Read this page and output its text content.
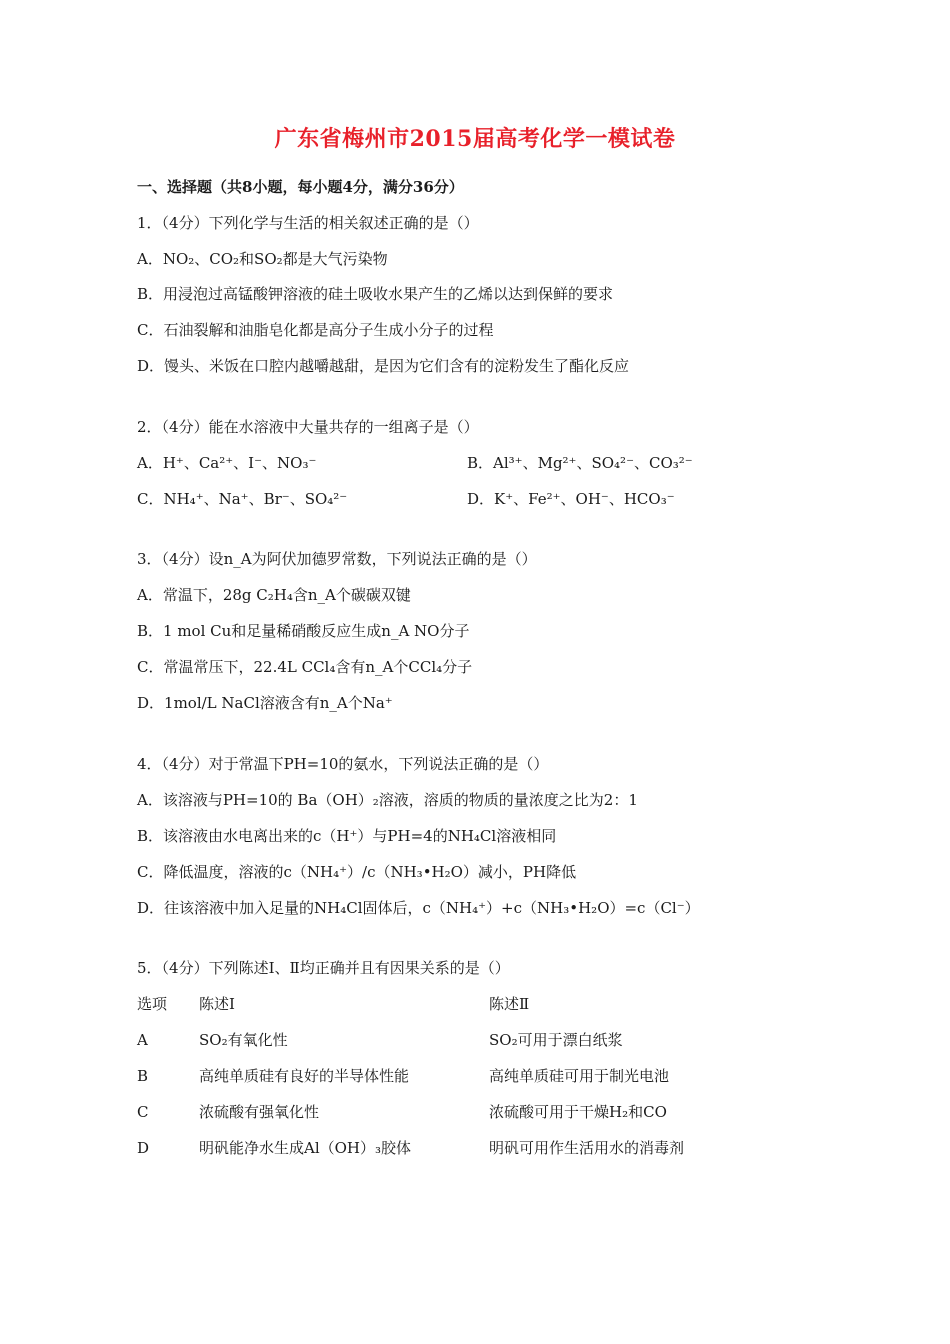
广东省梅州市2015届高考化学一模试卷
一、选择题（共8小题，每小题4分，满分36分）
1．（4分）下列化学与生活的相关叙述正确的是（）
A．NO₂、CO₂和SO₂都是大气污染物
B．用浸泡过高锰酸钾溶液的硅土吸收水果产生的乙烯以达到保鲜的要求
C．石油裂解和油脂皂化都是高分子生成小分子的过程
D．馒头、米饭在口腔内越嚼越甜，是因为它们含有的淀粉发生了酯化反应
2．（4分）能在水溶液中大量共存的一组离子是（）
A．H⁺、Ca²⁺、I⁻、NO₃⁻	B．Al³⁺、Mg²⁺、SO₄²⁻、CO₃²⁻
C．NH₄⁺、Na⁺、Br⁻、SO₄²⁻	D．K⁺、Fe²⁺、OH⁻、HCO₃⁻
3．（4分）设n_A为阿伏加德罗常数，下列说法正确的是（）
A．常温下，28g C₂H₄含n_A个碳碳双键
B．1 mol Cu和足量稀硝酸反应生成n_A NO分子
C．常温常压下，22.4L CCl₄含有n_A个CCl₄分子
D．1mol/L NaCl溶液含有n_A个Na⁺
4．（4分）对于常温下PH=10的氨水，下列说法正确的是（）
A．该溶液与PH=10的 Ba（OH）₂溶液，溶质的物质的量浓度之比为2：1
B．该溶液由水电离出来的c（H⁺）与PH=4的NH₄Cl溶液相同
C．降低温度，溶液的c（NH₄⁺）/c（NH₃•H₂O）减小，PH降低
D．往该溶液中加入足量的NH₄Cl固体后，c（NH₄⁺）+c（NH₃•H₂O）=c（Cl⁻）
5．（4分）下列陈述Ⅰ、Ⅱ均正确并且有因果关系的是（）
选项 陈述Ⅰ	陈述Ⅱ
A	SO₂有氧化性	SO₂可用于漂白纸浆
B	高纯单质硅有良好的半导体性能	高纯单质硅可用于制光电池
C	浓硫酸有强氧化性	浓硫酸可用于干燥H₂和CO
D	明矾能净水生成Al（OH）₃胶体	明矾可用作生活用水的消毒剂
